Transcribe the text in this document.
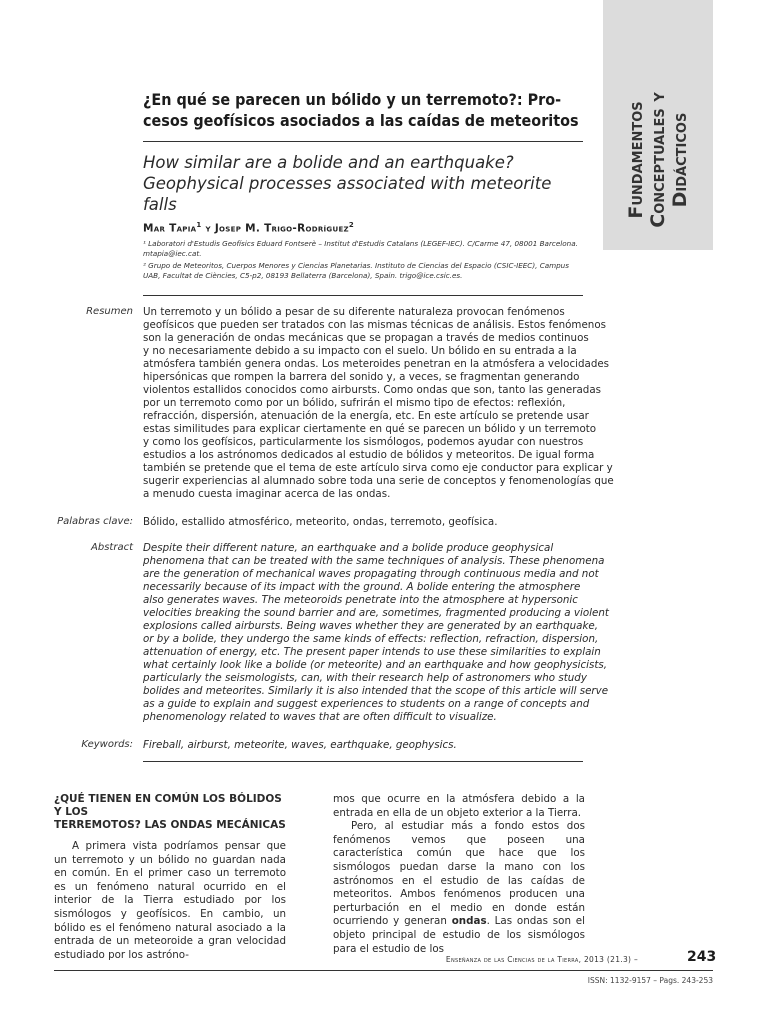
Fundamentos Conceptuales y Didácticos
¿En qué se parecen un bólido y un terremoto?: Pro-
cesos geofísicos asociados a las caídas de meteoritos
How similar are a bolide and an earthquake?
Geophysical processes associated with meteorite falls
Mar Tapia$^1$ y Josep M. Trigo-Rodríguez$^2$
¹ Laboratori d'Estudis Geofísics Eduard Fontserè – Institut d'Estudis Catalans (LEGEF-IEC). C/Carme 47, 08001 Barcelona. mtapia@iec.cat.
² Grupo de Meteoritos, Cuerpos Menores y Ciencias Planetarias. Instituto de Ciencias del Espacio (CSIC-IEEC), Campus UAB, Facultat de Ciències, C5-p2, 08193 Bellaterra (Barcelona), Spain. trigo@ice.csic.es.
Resumen Un terremoto y un bólido a pesar de su diferente naturaleza provocan fenómenos
geofísicos que pueden ser tratados con las mismas técnicas de análisis. Estos fenómenos
son la generación de ondas mecánicas que se propagan a través de medios continuos
y no necesariamente debido a su impacto con el suelo. Un bólido en su entrada a la
atmósfera también genera ondas. Los meteroides penetran en la atmósfera a velocidades
hipersónicas que rompen la barrera del sonido y, a veces, se fragmentan generando
violentos estallidos conocidos como airbursts. Como ondas que son, tanto las generadas
por un terremoto como por un bólido, sufrirán el mismo tipo de efectos: reflexión,
refracción, dispersión, atenuación de la energía, etc. En este artículo se pretende usar
estas similitudes para explicar ciertamente en qué se parecen un bólido y un terremoto
y como los geofísicos, particularmente los sismólogos, podemos ayudar con nuestros
estudios a los astrónomos dedicados al estudio de bólidos y meteoritos. De igual forma
también se pretende que el tema de este artículo sirva como eje conductor para explicar y
sugerir experiencias al alumnado sobre toda una serie de conceptos y fenomenologías que
a menudo cuesta imaginar acerca de las ondas.
Palabras clave: Bólido, estallido atmosférico, meteorito, ondas, terremoto, geofísica.
Abstract Despite their different nature, an earthquake and a bolide produce geophysical
phenomena that can be treated with the same techniques of analysis. These phenomena
are the generation of mechanical waves propagating through continuous media and not
necessarily because of its impact with the ground. A bolide entering the atmosphere
also generates waves. The meteoroids penetrate into the atmosphere at hypersonic
velocities breaking the sound barrier and are, sometimes, fragmented producing a violent
explosions called airbursts. Being waves whether they are generated by an earthquake,
or by a bolide, they undergo the same kinds of effects: reflection, refraction, dispersion,
attenuation of energy, etc. The present paper intends to use these similarities to explain
what certainly look like a bolide (or meteorite) and an earthquake and how geophysicists,
particularly the seismologists, can, with their research help of astronomers who study
bolides and meteorites. Similarly it is also intended that the scope of this article will serve
as a guide to explain and suggest experiences to students on a range of concepts and
phenomenology related to waves that are often difficult to visualize.
Keywords: Fireball, airburst, meteorite, waves, earthquake, geophysics.
¿QUÉ TIENEN EN COMÚN LOS BÓLIDOS Y LOS
TERREMOTOS? LAS ONDAS MECÁNICAS

A primera vista podríamos pensar que un terremoto y un bólido no guardan nada en común. En el primer caso un terremoto es un fenómeno natural ocurrido en el interior de la Tierra estudiado por los sismólogos y geofísicos. En cambio, un bólido es el fenómeno natural asociado a la entrada de un meteoroide a gran velocidad estudiado por los astróno-

mos que ocurre en la atmósfera debido a la entrada en ella de un objeto exterior a la Tierra.

Pero, al estudiar más a fondo estos dos fenómenos vemos que poseen una característica común que hace que los sismólogos puedan darse la mano con los astrónomos en el estudio de las caídas de meteoritos. Ambos fenómenos producen una perturbación en el medio en donde están ocurriendo y generan ondas. Las ondas son el objeto principal de estudio de los sismólogos para el estudio de los

Enseñanza de las Ciencias de la Tierra, 2013 (21.3) –	243
ISSN: 1132-9157 – Pags. 243-253
